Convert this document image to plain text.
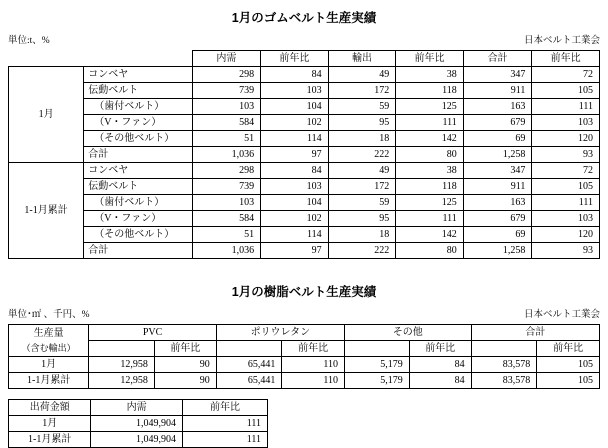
1月のゴムベルト生産実績
単位:t、%	日本ベルト工業会
		内需	前年比	輸出	前年比	合計	前年比
1月	コンベヤ	298	84	49	38	347	72
	伝動ベルト	739	103	172	118	911	105
	（歯付ベルト）	103	104	59	125	163	111
	（V・ファン）	584	102	95	111	679	103
	（その他ベルト）	51	114	18	142	69	120
	合計	1,036	97	222	80	1,258	93
1-1月累計	コンベヤ	298	84	49	38	347	72
	伝動ベルト	739	103	172	118	911	105
	（歯付ベルト）	103	104	59	125	163	111
	（V・ファン）	584	102	95	111	679	103
	（その他ベルト）	51	114	18	142	69	120
	合計	1,036	97	222	80	1,258	93
1月の樹脂ベルト生産実績
単位･㎡ 、千円、%	日本ベルト工業会
生産量
（含む輸出）	PVC		ポリウレタン		その他		合計	
		前年比		前年比		前年比		前年比
1月	12,958	90	65,441	110	5,179	84	83,578	105
1-1月累計	12,958	90	65,441	110	5,179	84	83,578	105
出荷金額	内需	前年比
1月	1,049,904	111
1-1月累計	1,049,904	111
